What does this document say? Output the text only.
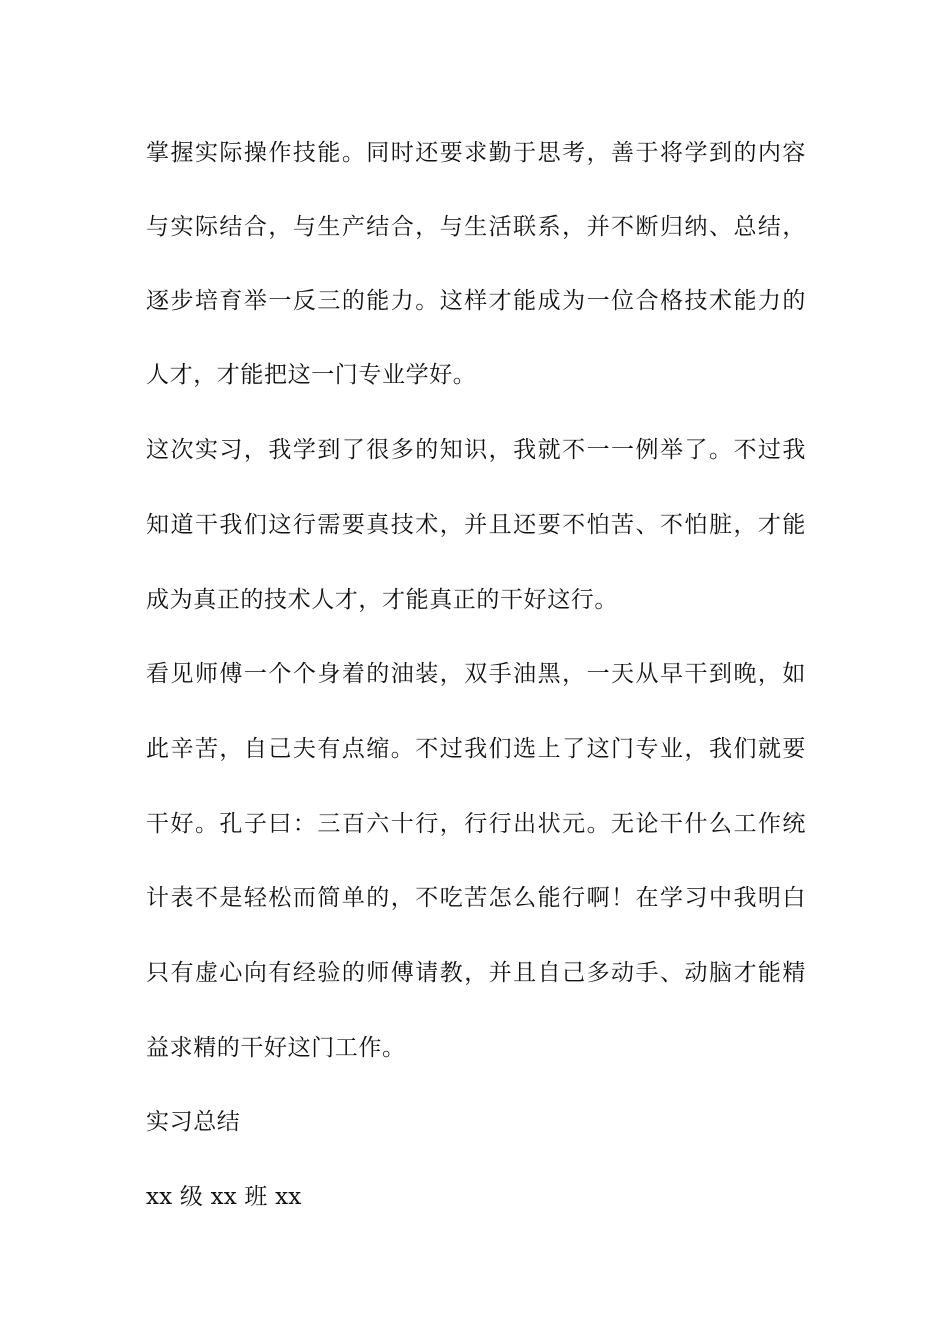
掌握实际操作技能。同时还要求勤于思考，善于将学到的内容
与实际结合，与生产结合，与生活联系，并不断归纳、总结，
逐步培育举一反三的能力。这样才能成为一位合格技术能力的
人才，才能把这一门专业学好。
这次实习，我学到了很多的知识，我就不一一例举了。不过我
知道干我们这行需要真技术，并且还要不怕苦、不怕脏，才能
成为真正的技术人才，才能真正的干好这行。
看见师傅一个个身着的油装，双手油黑，一天从早干到晚，如
此辛苦，自己夫有点缩。不过我们选上了这门专业，我们就要
干好。孔子曰：三百六十行，行行出状元。无论干什么工作统
计表不是轻松而简单的，不吃苦怎么能行啊！在学习中我明白
只有虚心向有经验的师傅请教，并且自己多动手、动脑才能精
益求精的干好这门工作。
实习总结
xx 级 xx 班 xx
